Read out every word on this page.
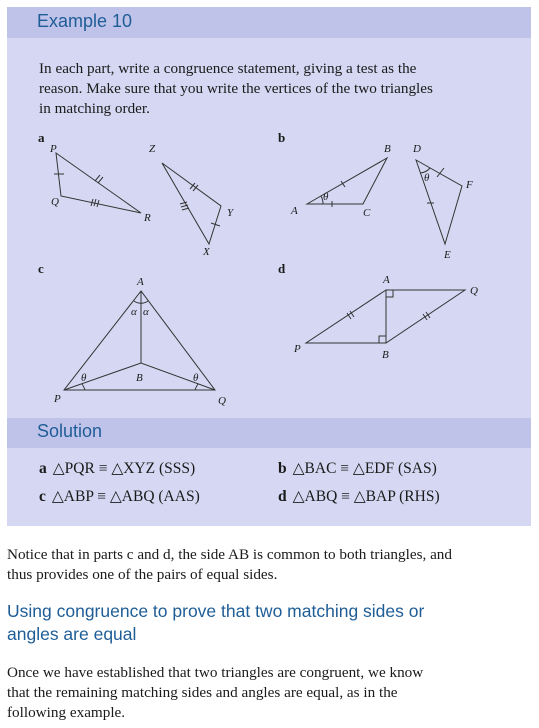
Example 10
In each part, write a congruence statement, giving a test as the
reason. Make sure that you write the vertices of the two triangles
in matching order.
a
P
Q
R
Z
Y
X
b
θ
B
A	C
θ
D
F
E
c
α α
θ	θ
A
B
P	Q
d
A
Q
P	B
Solution
a △PQR ≡ △XYZ (SSS)	b △BAC ≡ △EDF (SAS)
c △ABP ≡ △ABQ (AAS)	d △ABQ ≡ △BAP (RHS)
Notice that in parts c and d, the side AB is common to both triangles, and
thus provides one of the pairs of equal sides.
Using congruence to prove that two matching sides or
angles are equal
Once we have established that two triangles are congruent, we know
that the remaining matching sides and angles are equal, as in the
following example.
